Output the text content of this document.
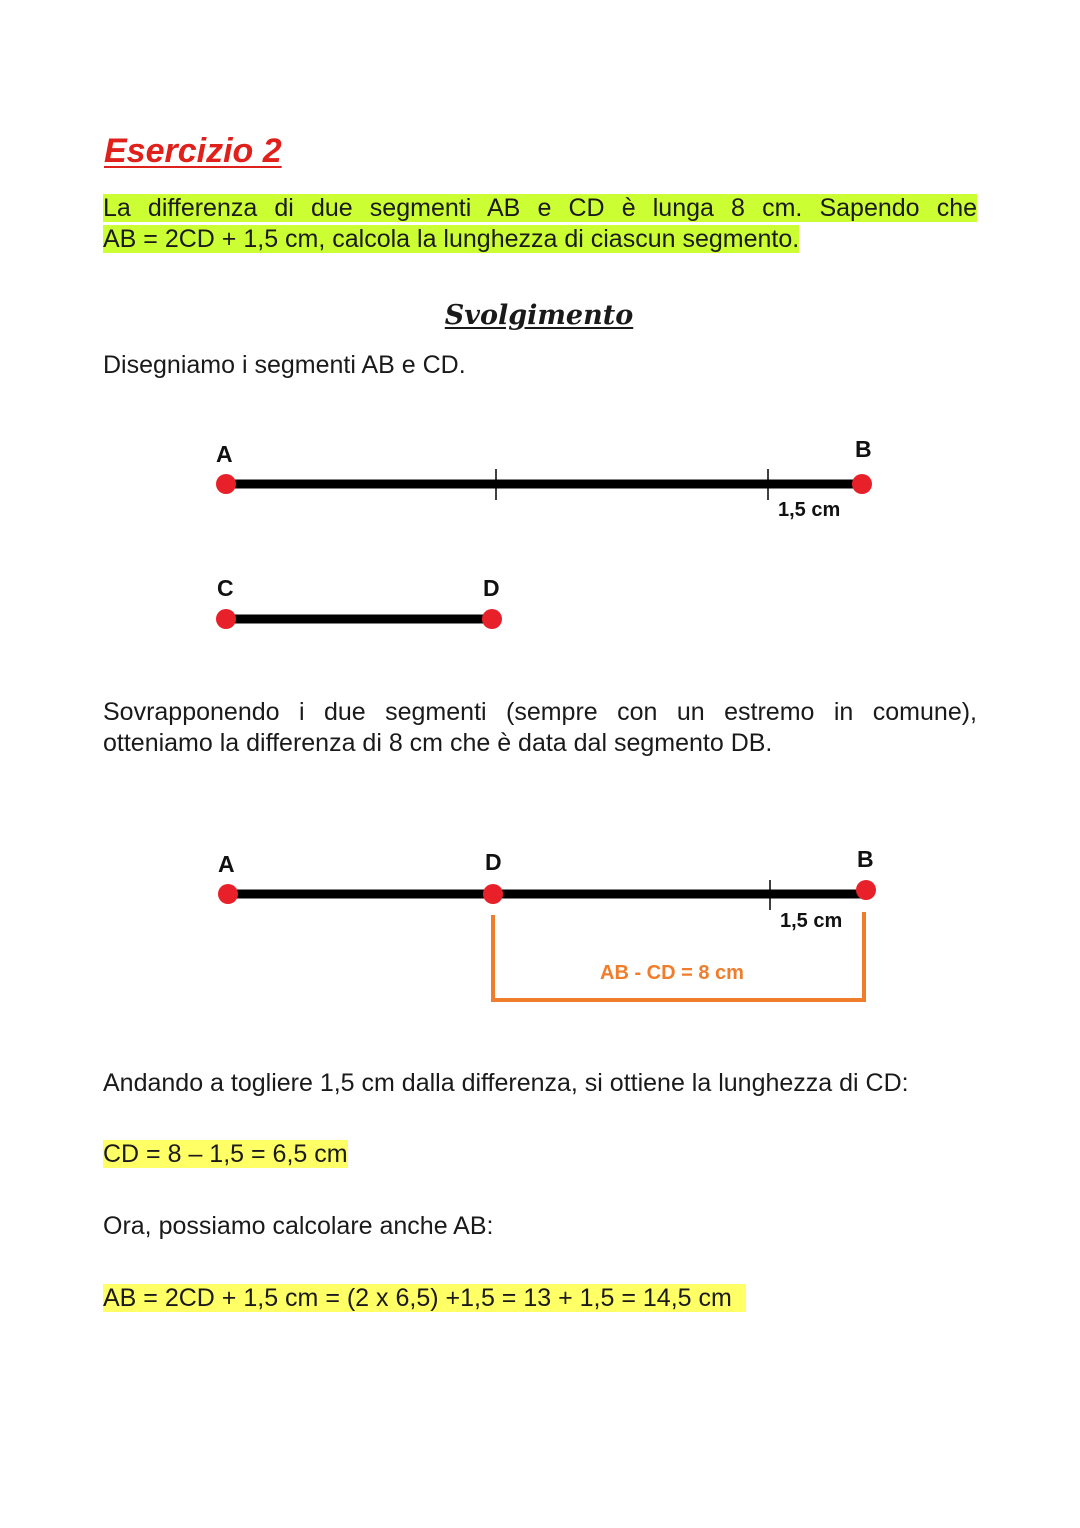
Esercizio 2
La differenza di due segmenti AB e CD è lunga 8 cm. Sapendo che
AB = 2CD + 1,5 cm, calcola la lunghezza di ciascun segmento.
Svolgimento
Disegniamo i segmenti AB e CD.
A	B
1,5 cm
C	D
A	D	B
1,5 cm
AB - CD = 8 cm
Sovrapponendo i due segmenti (sempre con un estremo in comune),
otteniamo la differenza di 8 cm che è data dal segmento DB.
Andando a togliere 1,5 cm dalla differenza, si ottiene la lunghezza di CD:
CD = 8 – 1,5 = 6,5 cm
Ora, possiamo calcolare anche AB:
AB = 2CD + 1,5 cm = (2 x 6,5) +1,5 = 13 + 1,5 = 14,5 cm
